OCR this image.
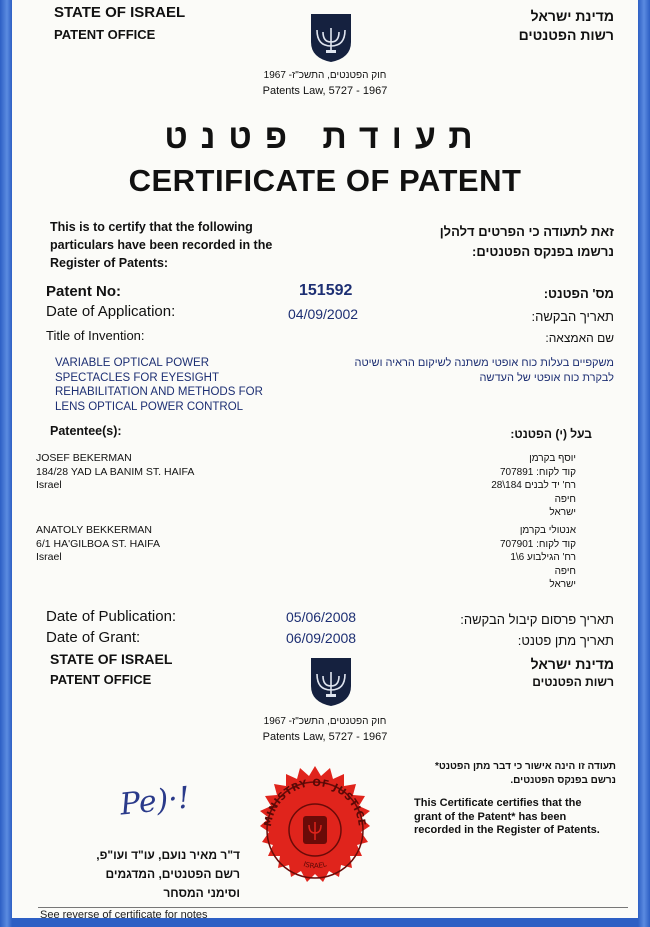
STATE OF ISRAEL
PATENT OFFICE
מדינת ישראל
רשות הפטנטים
חוק הפטנטים, התשכ"ז- 1967
Patents Law, 5727 - 1967
תעודת פטנט
CERTIFICATE OF PATENT
This is to certify that the following
particulars have been recorded in the
Register of Patents:
זאת לתעודה כי הפרטים דלהלן
נרשמו בפנקס הפטנטים:
Patent No:	151592	מס' הפטנט:
Date of Application:	04/09/2002	תאריך הבקשה:
Title of Invention:	שם האמצאה:
VARIABLE OPTICAL POWER
SPECTACLES FOR EYESIGHT
REHABILITATION AND METHODS FOR
LENS OPTICAL POWER CONTROL
משקפיים בעלות כוח אופטי משתנה לשיקום הראיה ושיטה
לבקרת כוח אופטי של העדשה
Patentee(s):	בעל (י) הפטנט:
JOSEF BEKERMAN
184/28 YAD LA BANIM ST. HAIFA
Israel
יוסף בקרמן
קוד לקוח: 707891
רח' יד לבנים 184\28
חיפה
ישראל
ANATOLY BEKKERMAN
6/1 HA'GILBOA ST. HAIFA
Israel
אנטולי בקרמן
קוד לקוח: 707901
רח' הגילבוע 6\1
חיפה
ישראל
Date of Publication:	05/06/2008	תאריך פרסום קיבול הבקשה:
Date of Grant:	06/09/2008	תאריך מתן פטנט:
STATE OF ISRAEL
PATENT OFFICE
מדינת ישראל
רשות הפטנטים
חוק הפטנטים, התשכ"ז- 1967
Patents Law, 5727 - 1967
Pe)·!
ד"ר מאיר נועם, עו"ד ועו"פ,
רשם הפטנטים, המדגמים
וסימני המסחר
MINISTRY OF JUSTICE
ISRAEL
תעודה זו הינה אישור כי דבר מתן הפטנט*
נרשם בפנקס הפטנטים.
This Certificate certifies that the
grant of the Patent* has been
recorded in the Register of Patents.
See reverse of certificate for notes
